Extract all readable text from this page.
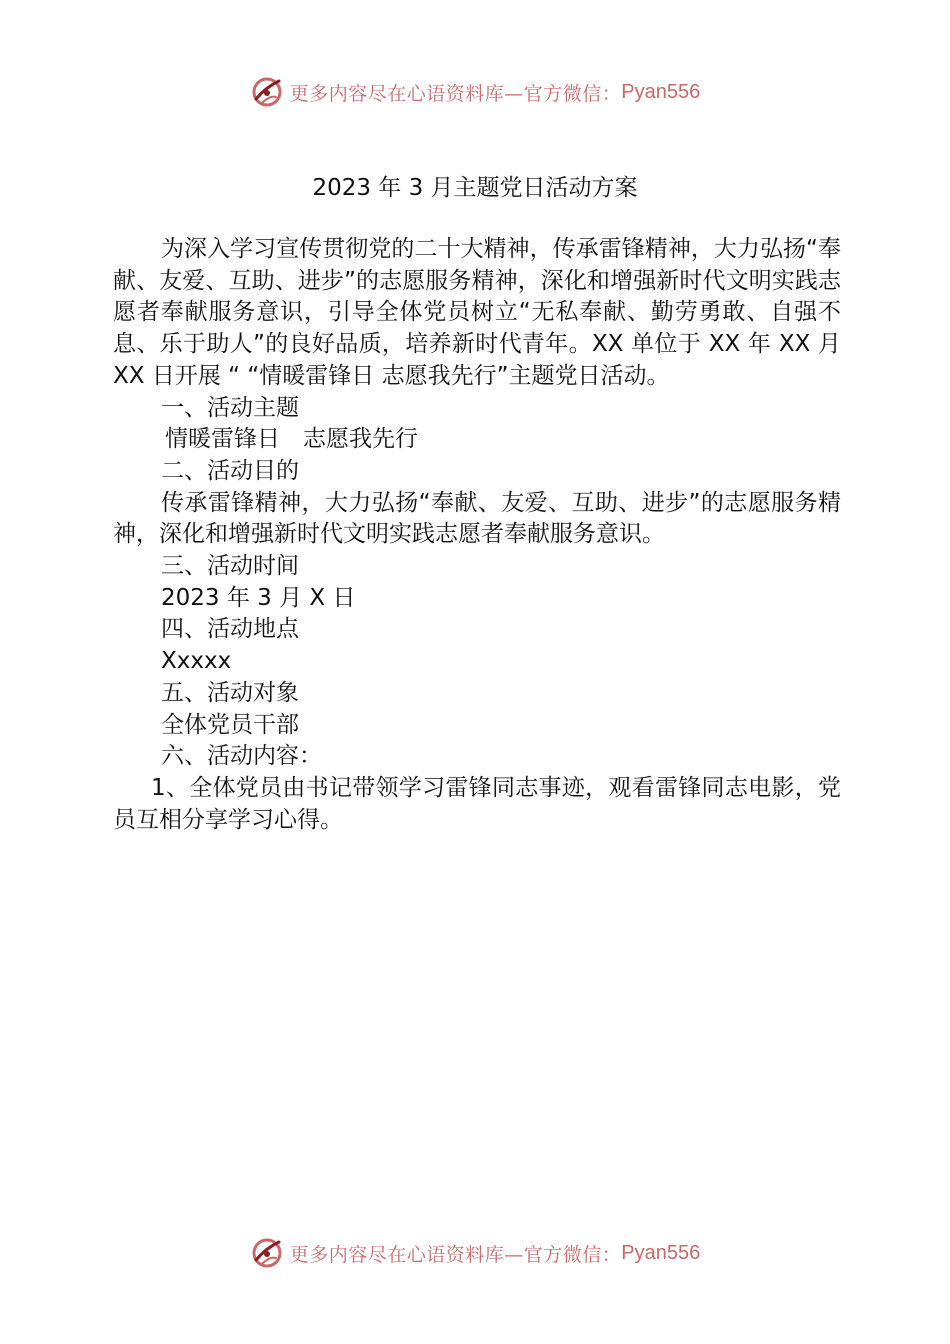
更多内容尽在心语资料库—官方微信： Pyan556
2023 年 3 月主题党日活动方案

为深入学习宣传贯彻党的二十大精神，传承雷锋精神，大力弘扬“奉献、友爱、互助、进步”的志愿服务精神，深化和增强新时代文明实践志愿者奉献服务意识，引导全体党员树立“无私奉献、勤劳勇敢、自强不息、乐于助人”的良好品质，培养新时代青年。XX 单位于 XX 年 XX 月 XX 日开展 “ “情暖雷锋日 志愿我先行”主题党日活动。

一、活动主题

情暖雷锋日　志愿我先行

二、活动目的

传承雷锋精神，大力弘扬“奉献、友爱、互助、进步”的志愿服务精神，深化和增强新时代文明实践志愿者奉献服务意识。

三、活动时间

2023 年 3 月 X 日

四、活动地点

Xxxxx

五、活动对象

全体党员干部

六、活动内容：

1、全体党员由书记带领学习雷锋同志事迹，观看雷锋同志电影，党员互相分享学习心得。

更多内容尽在心语资料库—官方微信： Pyan556
